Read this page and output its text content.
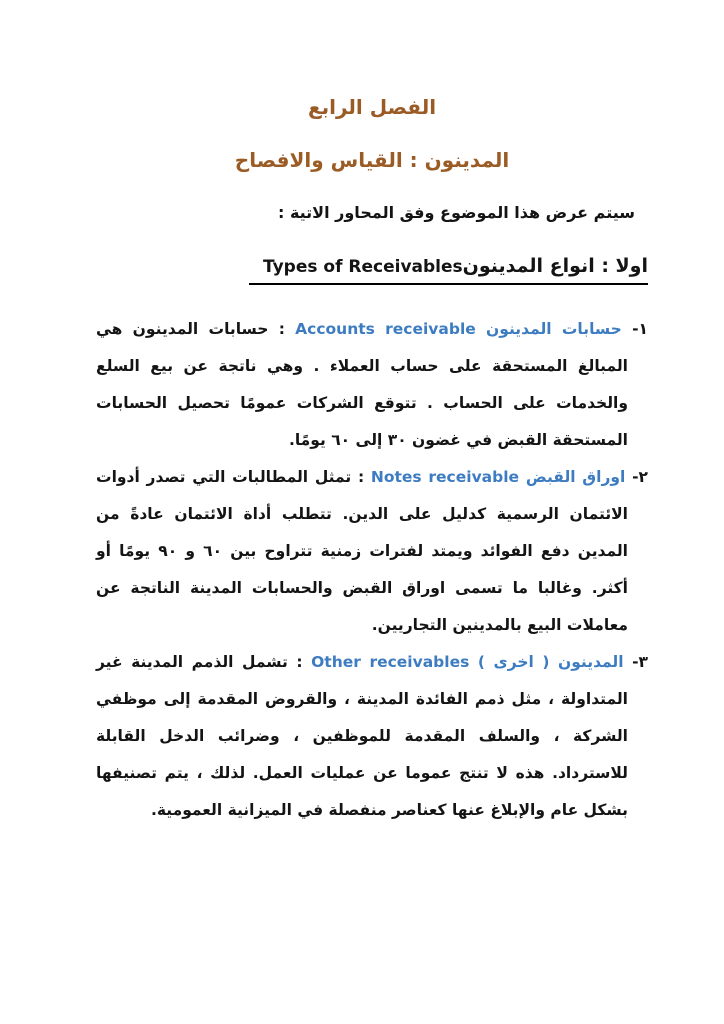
الفصل الرابع
المدينون : القياس والافصاح

سيتم عرض هذا الموضوع وفق المحاور الاتية :

اولا : انواع المدينونTypes of Receivables

١- حسابات المدينون Accounts receivable : حسابات المدينون هي المبالغ المستحقة على حساب العملاء . وهي ناتجة عن بيع السلع والخدمات على الحساب . تتوقع الشركات عمومًا تحصيل الحسابات المستحقة القبض في غضون ٣٠ إلى ٦٠ يومًا.

٢- اوراق القبض Notes receivable : تمثل المطالبات التي تصدر أدوات الائتمان الرسمية كدليل على الدين. تتطلب أداة الائتمان عادةً من المدين دفع الفوائد ويمتد لفترات زمنية تتراوح بين ٦٠ و ٩٠ يومًا أو أكثر. وغالبا ما تسمى اوراق القبض والحسابات المدينة الناتجة عن معاملات البيع بالمدينين التجاريين.

٣- المدينون ( اخرى ) Other receivables : تشمل الذمم المدينة غير المتداولة ، مثل ذمم الفائدة المدينة ، والقروض المقدمة إلى موظفي الشركة ، والسلف المقدمة للموظفين ، وضرائب الدخل القابلة للاسترداد. هذه لا تنتج عموما عن عمليات العمل. لذلك ، يتم تصنيفها بشكل عام والإبلاغ عنها كعناصر منفصلة في الميزانية العمومية.
